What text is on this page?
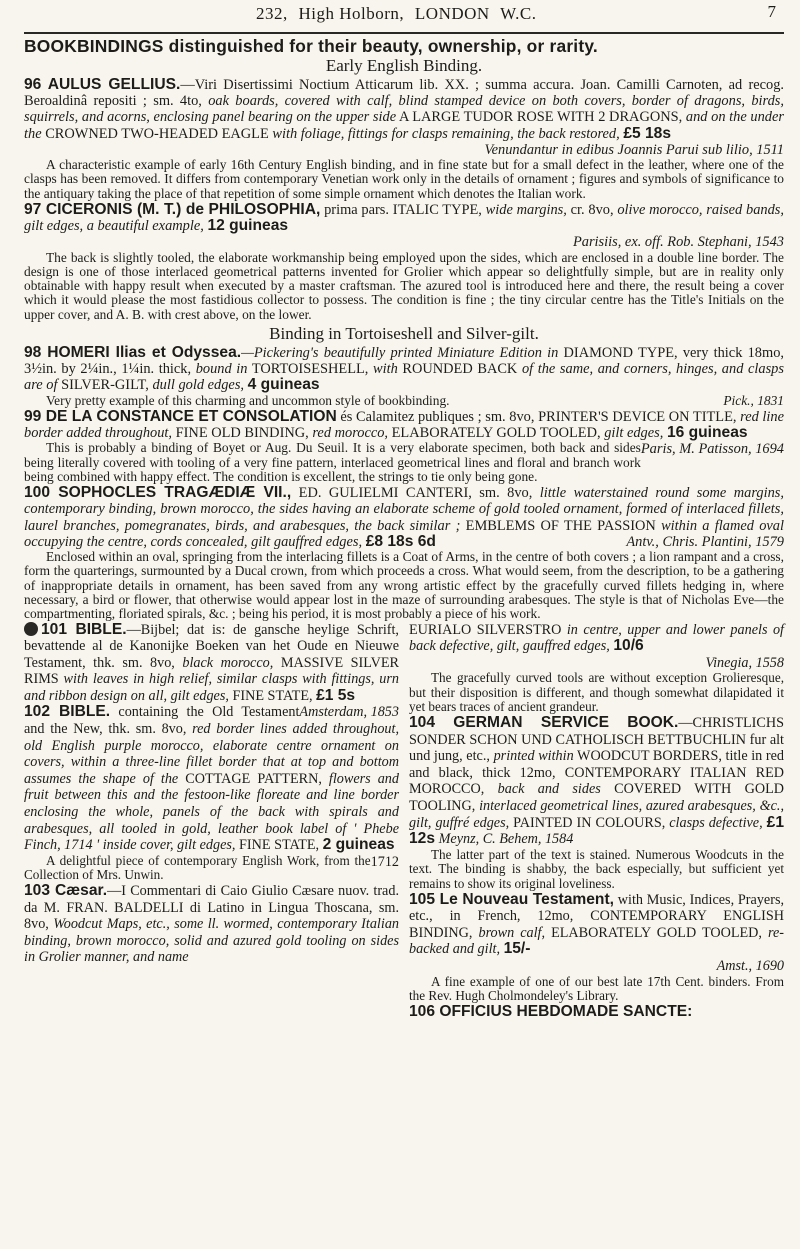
232, High Holborn, LONDON W.C.	7
BOOKBINDINGS distinguished for their beauty, ownership, or rarity.
Early English Binding.

96 AULUS GELLIUS.—Viri Disertissimi Noctium Atticarum lib. XX. ; summa accura. Joan. Camilli Carnoten, ad recog. Beroaldinâ repositi ; sm. 4to, oak boards, covered with calf, blind stamped device on both covers, border of dragons, birds, squirrels, and acorns, enclosing panel bearing on the upper side A LARGE TUDOR ROSE WITH 2 DRAGONS, and on the under the CROWNED TWO-HEADED EAGLE with foliage, fittings for clasps remaining, the back restored, £5 18s
Venundantur in edibus Joannis Parui sub lilio, 1511

A characteristic example of early 16th Century English binding, and in fine state but for a small defect in the leather, where one of the clasps has been removed. It differs from contemporary Venetian work only in the details of ornament ; figures and symbols of significance to the antiquary taking the place of that repetition of some simple ornament which denotes the Italian work.

97 CICERONIS (M. T.) de PHILOSOPHIA, prima pars. ITALIC TYPE, wide margins, cr. 8vo, olive morocco, raised bands, gilt edges, a beautiful example, 12 guineas
Parisiis, ex. off. Rob. Stephani, 1543

The back is slightly tooled, the elaborate workmanship being employed upon the sides, which are enclosed in a double line border. The design is one of those interlaced geometrical patterns invented for Grolier which appear so delightfully simple, but are in reality only obtainable with happy result when executed by a master craftsman. The azured tool is introduced here and there, the result being a cover which it would please the most fastidious collector to possess. The condition is fine ; the tiny circular centre has the Title's Initials on the upper cover, and A. B. with crest above, on the lower.

Binding in Tortoiseshell and Silver-gilt.

98 HOMERI Ilias et Odyssea.—Pickering's beautifully printed Miniature Edition in DIAMOND TYPE, very thick 18mo, 3½in. by 2¼in., 1¼in. thick, bound in TORTOISESHELL, with ROUNDED BACK of the same, and corners, hinges, and clasps are of SILVER-GILT, dull gold edges, 4 guineas

Very pretty example of this charming and uncommon style of bookbinding.	Pick., 1831

99 DE LA CONSTANCE ET CONSOLATION és Calamitez publiques ; sm. 8vo, PRINTER'S DEVICE ON TITLE, red line border added throughout, FINE OLD BINDING, red morocco, ELABORATELY GOLD TOOLED, gilt edges, 16 guineas
Paris, M. Patisson, 1694

This is probably a binding of Boyet or Aug. Du Seuil. It is a very elaborate specimen, both back and sides being literally covered with tooling of a very fine pattern, interlaced geometrical lines and floral and branch work being combined with happy effect. The condition is excellent, the strings to tie only being gone.

100 SOPHOCLES TRAGÆDIÆ VII., ED. GULIELMI CANTERI, sm. 8vo, little waterstained round some margins, contemporary binding, brown morocco, the sides having an elaborate scheme of gold tooled ornament, formed of interlaced fillets, laurel branches, pomegranates, birds, and arabesques, the back similar ; EMBLEMS OF THE PASSION within a flamed oval occupying the centre, cords concealed, gilt gauffred edges, £8 18s 6d	Antv., Chris. Plantini, 1579

Enclosed within an oval, springing from the interlacing fillets is a Coat of Arms, in the centre of both covers ; a lion rampant and a cross, form the quarterings, surmounted by a Ducal crown, from which proceeds a cross. What would seem, from the description, to be a gathering of inappropriate details in ornament, has been saved from any wrong artistic effect by the gracefully curved fillets hedging in, where necessary, a bird or flower, that otherwise would appear lost in the maze of surrounding arabesques. The style is that of Nicholas Eve—the compartmenting, floriated spirals, &c. ; being his period, it is most probably a piece of his work.

101 BIBLE.—Bijbel; dat is: de gansche heylige Schrift, bevattende al de Kanonijke Boeken van het Oude en Nieuwe Testament, thk. sm. 8vo, black morocco, MASSIVE SILVER RIMS with leaves in high relief, similar clasps with fittings, urn and ribbon design on all, gilt edges, FINE STATE, £1 5s
Amsterdam, 1853

102 BIBLE. containing the Old Testament and the New, thk. sm. 8vo, red border lines added throughout, old English purple morocco, elaborate centre ornament on covers, within a three-line fillet border that at top and bottom assumes the shape of the COTTAGE PATTERN, flowers and fruit between this and the festoon-like floreate and line border enclosing the whole, panels of the back with spirals and arabesques, all tooled in gold, leather book label of ' Phebe Finch, 1714 ' inside cover, gilt edges, FINE STATE, 2 guineas
1712

A delightful piece of contemporary English Work, from the Collection of Mrs. Unwin.

103 Cæsar.—I Commentari di Caio Giulio Cæsare nuov. trad. da M. FRAN. BALDELLI di Latino in Lingua Thoscana, sm. 8vo, Woodcut Maps, etc., some ll. wormed, contemporary Italian binding, brown morocco, solid and azured gold tooling on sides in Grolier manner, and name

EURIALO SILVERSTRO in centre, upper and lower panels of back defective, gilt, gauffred edges, 10/6
Vinegia, 1558

The gracefully curved tools are without exception Grolieresque, but their disposition is different, and though somewhat dilapidated it yet bears traces of ancient grandeur.

104 GERMAN SERVICE BOOK.—CHRISTLICHS SONDER SCHON UND CATHOLISCH BETTBUCHLIN fur alt und jung, etc., printed within WOODCUT BORDERS, title in red and black, thick 12mo, CONTEMPORARY ITALIAN RED MOROCCO, back and sides COVERED WITH GOLD TOOLING, interlaced geometrical lines, azured arabesques, &c., gilt, guffré edges, PAINTED IN COLOURS, clasps defective, £1 12s Meynz, C. Behem, 1584

The latter part of the text is stained. Numerous Woodcuts in the text. The binding is shabby, the back especially, but sufficient yet remains to show its original loveliness.

105 Le Nouveau Testament, with Music, Indices, Prayers, etc., in French, 12mo, CONTEMPORARY ENGLISH BINDING, brown calf, ELABORATELY GOLD TOOLED, re-backed and gilt, 15/-
Amst., 1690

A fine example of one of our best late 17th Cent. binders. From the Rev. Hugh Cholmondeley's Library.

106 OFFICIUS HEBDOMADE SANCTE:
